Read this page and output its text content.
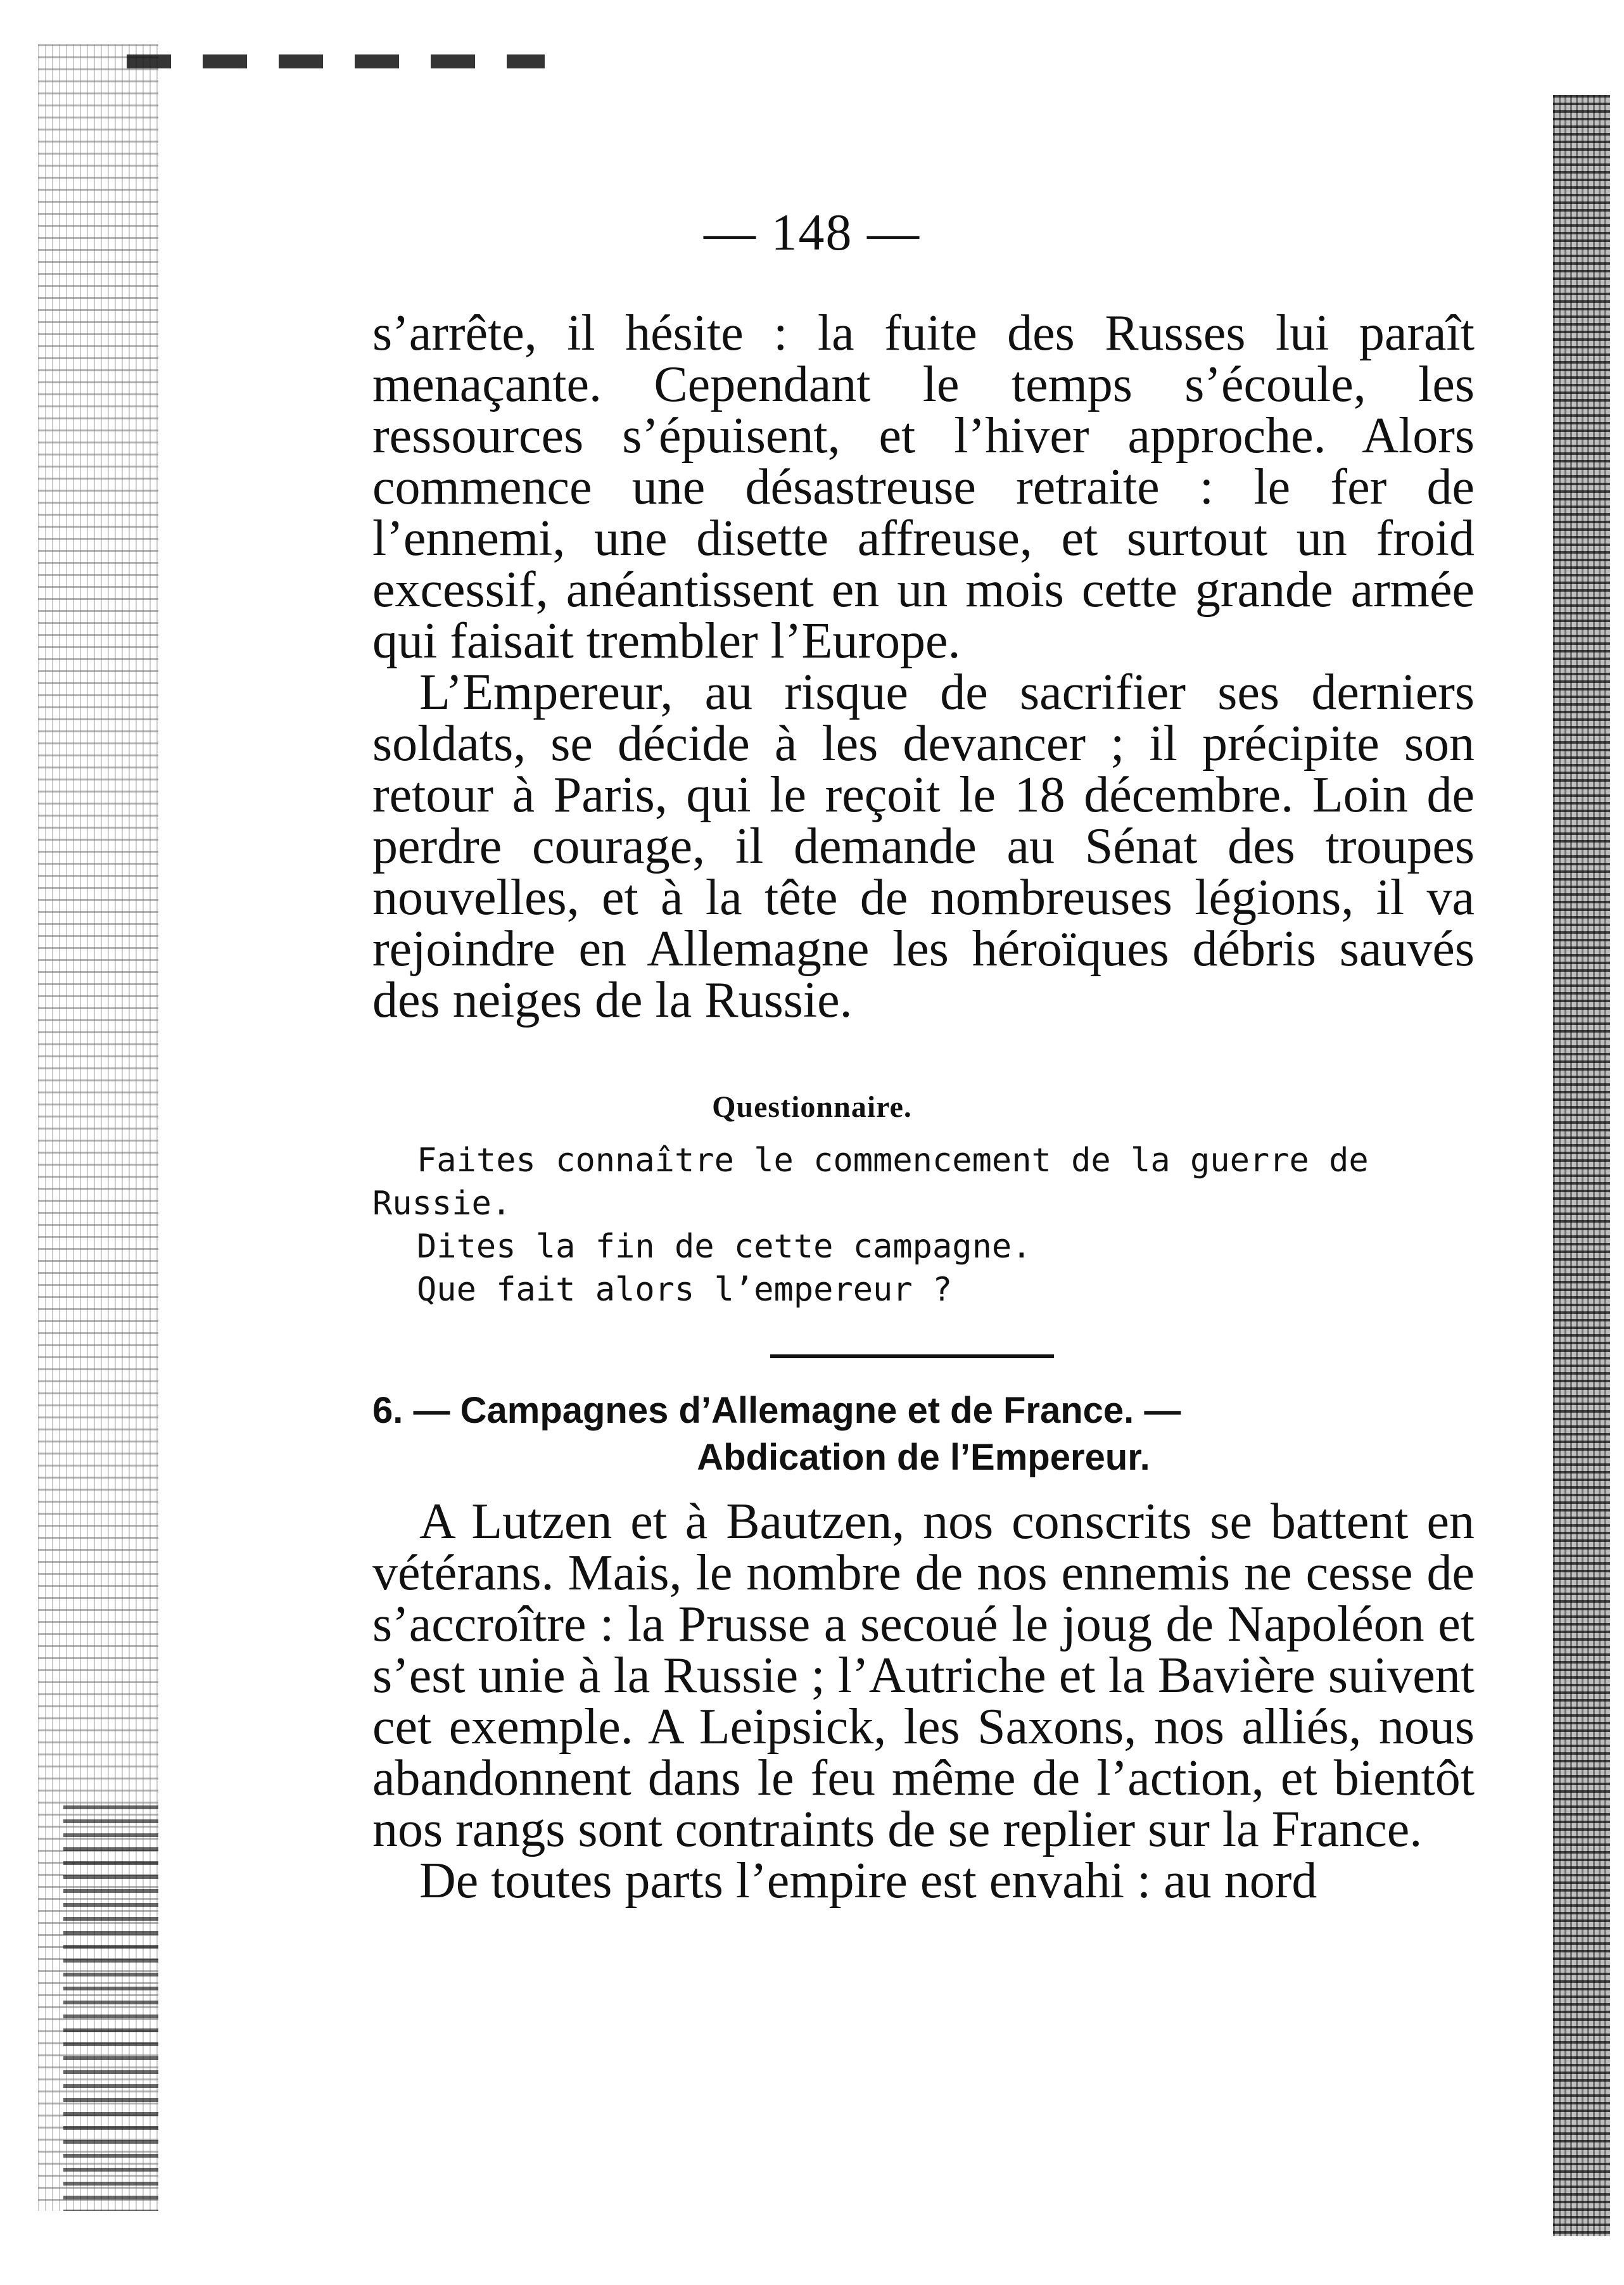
— 148 —

s’arrête, il hésite : la fuite des Russes lui paraît menaçante. Cependant le temps s’écoule, les ressources s’épuisent, et l’hiver approche. Alors commence une désastreuse retraite : le fer de l’ennemi, une disette affreuse, et surtout un froid excessif, anéantissent en un mois cette grande armée qui faisait trembler l’Europe.

L’Empereur, au risque de sacrifier ses derniers soldats, se décide à les devancer ; il précipite son retour à Paris, qui le reçoit le 18 décembre. Loin de perdre courage, il demande au Sénat des troupes nouvelles, et à la tête de nombreuses légions, il va rejoindre en Allemagne les héroïques débris sauvés des neiges de la Russie.

Questionnaire.

Faites connaître le commencement de la guerre de Russie.

Dites la fin de cette campagne.

Que fait alors l’empereur ?

6. — Campagnes d’Allemagne et de France. —
Abdication de l’Empereur.

A Lutzen et à Bautzen, nos conscrits se battent en vétérans. Mais, le nombre de nos ennemis ne cesse de s’accroître : la Prusse a secoué le joug de Napoléon et s’est unie à la Russie ; l’Autriche et la Bavière suivent cet exemple. A Leipsick, les Saxons, nos alliés, nous abandonnent dans le feu même de l’action, et bientôt nos rangs sont contraints de se replier sur la France.

De toutes parts l’empire est envahi : au nord
